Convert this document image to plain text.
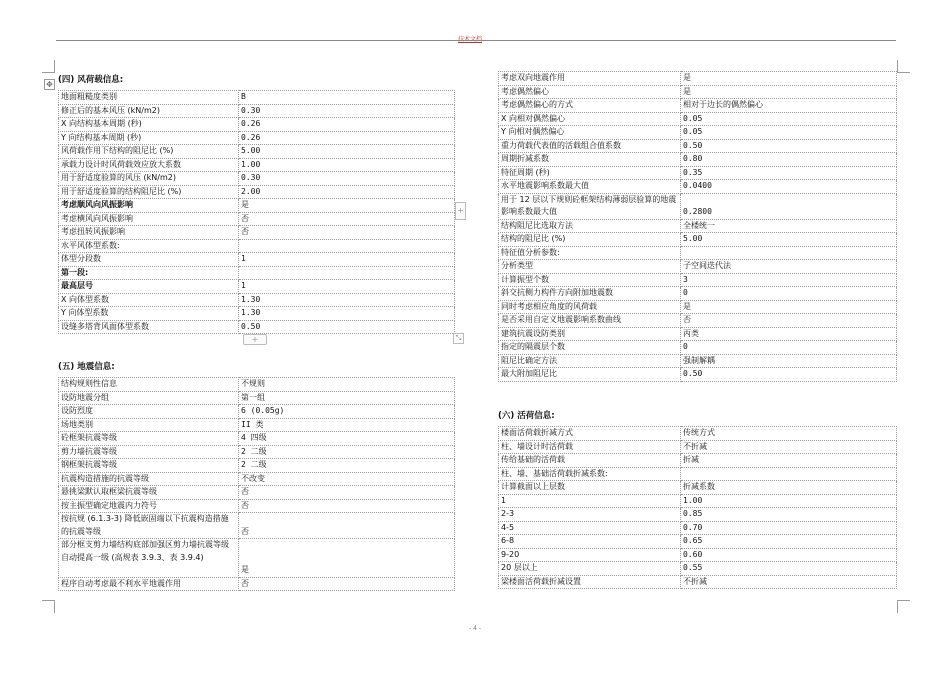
技术文档
✥ (四) 风荷载信息:
地面粗糙度类别	B
修正后的基本风压 (kN/m2)	0.30
X 向结构基本周期 (秒)	0.26
Y 向结构基本周期 (秒)	0.26
风荷载作用下结构的阻尼比 (%)	5.00
承载力设计时风荷载效应放大系数	1.00
用于舒适度验算的风压 (kN/m2)	0.30
用于舒适度验算的结构阻尼比 (%)	2.00
考虑顺风向风振影响	是
考虑横风向风振影响	否
考虑扭转风振影响	否
水平风体型系数:	
体型分段数	1
第一段:	
最高层号	1
X 向体型系数	1.30
Y 向体型系数	1.30
设缝多塔背风面体型系数	0.50
+	⤡
+
(五) 地震信息:
结构规则性信息	不规则
设防地震分组	第一组
设防烈度	6 (0.05g)
场地类别	II 类
砼框架抗震等级	4 四级
剪力墙抗震等级	2 二级
钢框架抗震等级	2 二级
抗震构造措施的抗震等级	不改变
悬挑梁默认取框梁抗震等级	否
按主振型确定地震内力符号	否
按抗规 (6.1.3-3) 降低嵌固端以下抗震构造措施的抗震等级	否
部分框支剪力墙结构底部加强区剪力墙抗震等级自动提高一级 (高规表 3.9.3、表 3.9.4)	是
程序自动考虑最不利水平地震作用	否
考虑双向地震作用	是
考虑偶然偏心	是
考虑偶然偏心的方式	相对于边长的偶然偏心
X 向相对偶然偏心	0.05
Y 向相对偶然偏心	0.05
重力荷载代表值的活载组合值系数	0.50
周期折减系数	0.80
特征周期 (秒)	0.35
水平地震影响系数最大值	0.0400
用于 12 层以下规则砼框架结构薄弱层验算的地震影响系数最大值	0.2800
结构阻尼比选取方法	全楼统一
结构的阻尼比 (%)	5.00
特征值分析参数:	
分析类型	子空间迭代法
计算振型个数	3
斜交抗侧力构件方向附加地震数	0
同时考虑相应角度的风荷载	是
是否采用自定义地震影响系数曲线	否
建筑抗震设防类别	丙类
指定的隔震层个数	0
阻尼比确定方法	强制解耦
最大附加阻尼比	0.50
(六) 活荷信息:
楼面活荷载折减方式	传统方式
柱、墙设计时活荷载	不折减
传给基础的活荷载	折减
柱、墙、基础活荷载折减系数:	
计算截面以上层数	折减系数
1	1.00
2-3	0.85
4-5	0.70
6-8	0.65
9-20	0.60
20 层以上	0.55
梁楼面活荷载折减设置	不折减
- 4 -
